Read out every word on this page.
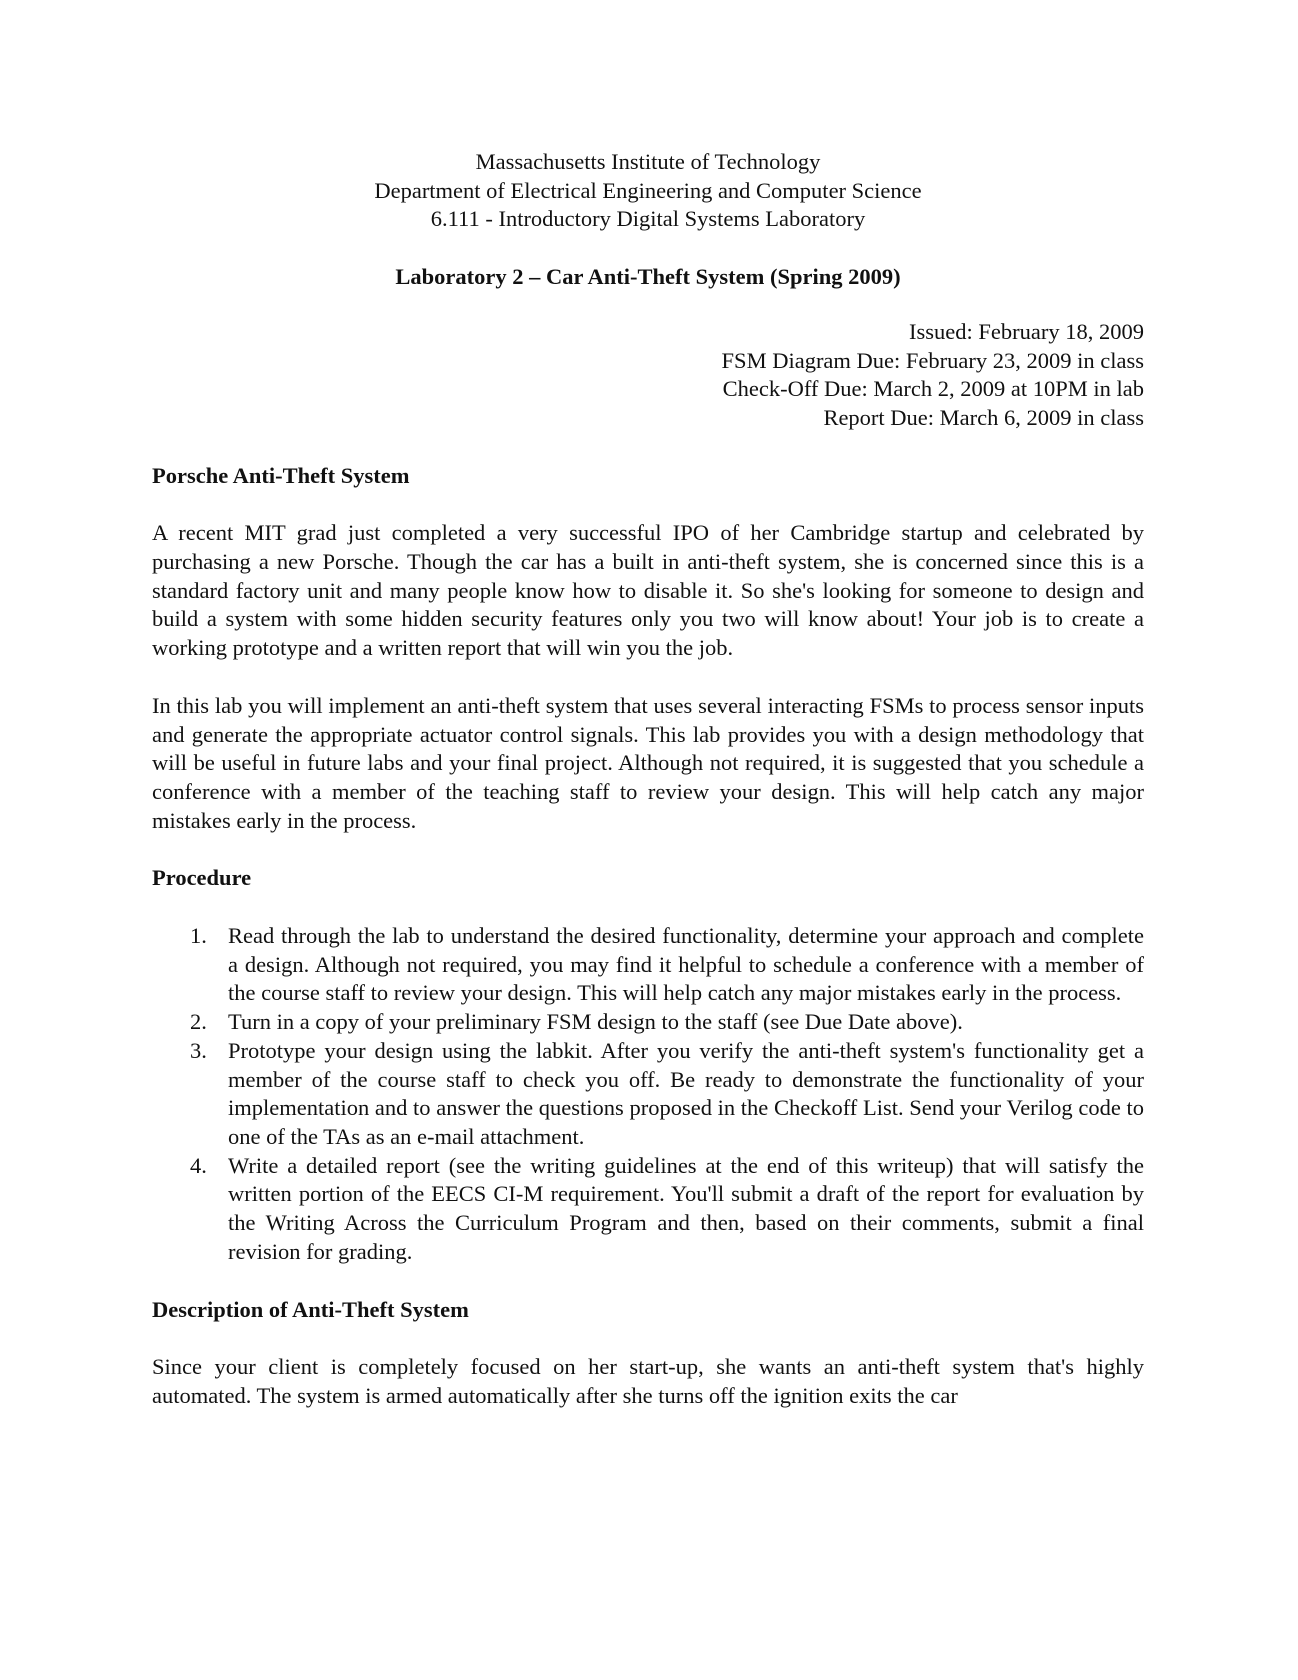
Massachusetts Institute of Technology
Department of Electrical Engineering and Computer Science
6.111 - Introductory Digital Systems Laboratory
Laboratory 2 – Car Anti-Theft System (Spring 2009)
Issued: February 18, 2009
FSM Diagram Due: February 23, 2009 in class
Check-Off Due: March 2, 2009 at 10PM in lab
Report Due: March 6, 2009 in class
Porsche Anti-Theft System

A recent MIT grad just completed a very successful IPO of her Cambridge startup and celebrated by purchasing a new Porsche. Though the car has a built in anti-theft system, she is concerned since this is a standard factory unit and many people know how to disable it. So she's looking for someone to design and build a system with some hidden security features only you two will know about! Your job is to create a working prototype and a written report that will win you the job.

In this lab you will implement an anti-theft system that uses several interacting FSMs to process sensor inputs and generate the appropriate actuator control signals. This lab provides you with a design methodology that will be useful in future labs and your final project. Although not required, it is suggested that you schedule a conference with a member of the teaching staff to review your design. This will help catch any major mistakes early in the process.

Procedure
1. Read through the lab to understand the desired functionality, determine your approach and complete a design. Although not required, you may find it helpful to schedule a conference with a member of the course staff to review your design. This will help catch any major mistakes early in the process.
2. Turn in a copy of your preliminary FSM design to the staff (see Due Date above).
3. Prototype your design using the labkit. After you verify the anti-theft system's functionality get a member of the course staff to check you off. Be ready to demonstrate the functionality of your implementation and to answer the questions proposed in the Checkoff List. Send your Verilog code to one of the TAs as an e-mail attachment.
4. Write a detailed report (see the writing guidelines at the end of this writeup) that will satisfy the written portion of the EECS CI-M requirement. You'll submit a draft of the report for evaluation by the Writing Across the Curriculum Program and then, based on their comments, submit a final revision for grading.
Description of Anti-Theft System

Since your client is completely focused on her start-up, she wants an anti-theft system that's highly automated. The system is armed automatically after she turns off the ignition exits the car
